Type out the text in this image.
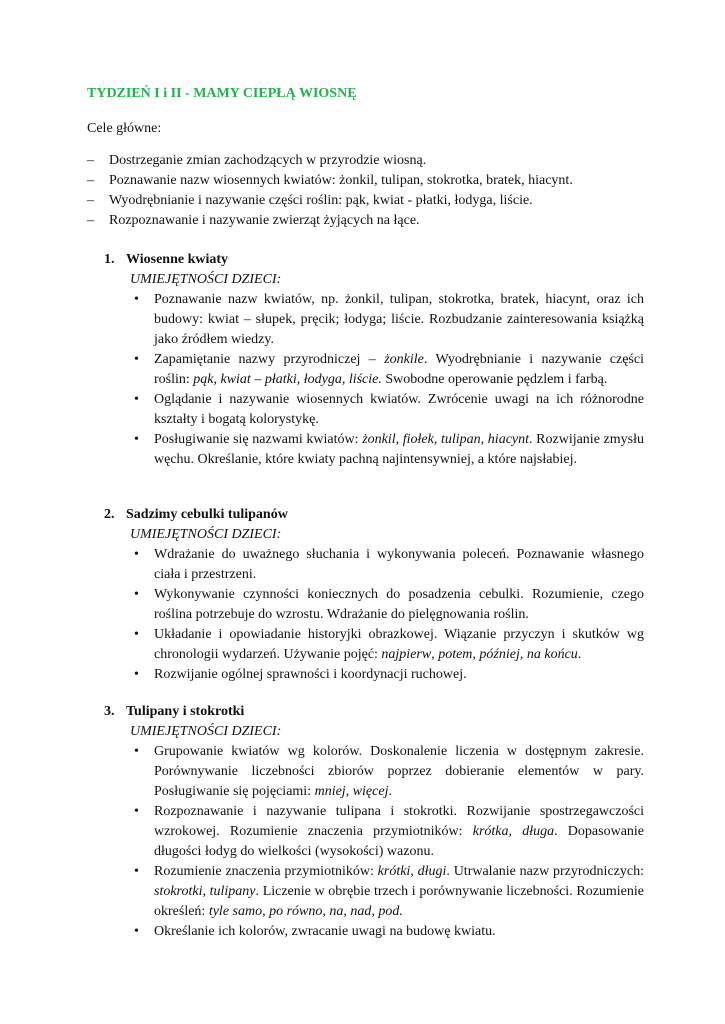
TYDZIEŃ I i II - MAMY CIEPŁĄ WIOSNĘ
Cele główne:
– Dostrzeganie zmian zachodzących w przyrodzie wiosną.
– Poznawanie nazw wiosennych kwiatów: żonkil, tulipan, stokrotka, bratek, hiacynt.
– Wyodrębnianie i nazywanie części roślin: pąk, kwiat - płatki, łodyga, liście.
– Rozpoznawanie i nazywanie zwierząt żyjących na łące.
1. Wiosenne kwiaty
UMIEJĘTNOŚCI DZIECI:
• Poznawanie nazw kwiatów, np. żonkil, tulipan, stokrotka, bratek, hiacynt, oraz ich budowy: kwiat – słupek, pręcik; łodyga; liście. Rozbudzanie zainteresowania książką jako źródłem wiedzy.
• Zapamiętanie nazwy przyrodniczej – żonkile. Wyodrębnianie i nazywanie części roślin: pąk, kwiat – płatki, łodyga, liście. Swobodne operowanie pędzlem i farbą.
• Oglądanie i nazywanie wiosennych kwiatów. Zwrócenie uwagi na ich różnorodne kształty i bogatą kolorystykę.
• Posługiwanie się nazwami kwiatów: żonkil, fiołek, tulipan, hiacynt. Rozwijanie zmysłu węchu. Określanie, które kwiaty pachną najintensywniej, a które najsłabiej.
2. Sadzimy cebulki tulipanów
UMIEJĘTNOŚCI DZIECI:
• Wdrażanie do uważnego słuchania i wykonywania poleceń. Poznawanie własnego ciała i przestrzeni.
• Wykonywanie czynności koniecznych do posadzenia cebulki. Rozumienie, czego roślina potrzebuje do wzrostu. Wdrażanie do pielęgnowania roślin.
• Układanie i opowiadanie historyjki obrazkowej. Wiązanie przyczyn i skutków wg chronologii wydarzeń. Używanie pojęć: najpierw, potem, później, na końcu.
• Rozwijanie ogólnej sprawności i koordynacji ruchowej.
3. Tulipany i stokrotki
UMIEJĘTNOŚCI DZIECI:
• Grupowanie kwiatów wg kolorów. Doskonalenie liczenia w dostępnym zakresie. Porównywanie liczebności zbiorów poprzez dobieranie elementów w pary. Posługiwanie się pojęciami: mniej, więcej.
• Rozpoznawanie i nazywanie tulipana i stokrotki. Rozwijanie spostrzegawczości wzrokowej. Rozumienie znaczenia przymiotników: krótka, długa. Dopasowanie długości łodyg do wielkości (wysokości) wazonu.
• Rozumienie znaczenia przymiotników: krótki, długi. Utrwalanie nazw przyrodniczych: stokrotki, tulipany. Liczenie w obrębie trzech i porównywanie liczebności. Rozumienie określeń: tyle samo, po równo, na, nad, pod.
• Określanie ich kolorów, zwracanie uwagi na budowę kwiatu.
